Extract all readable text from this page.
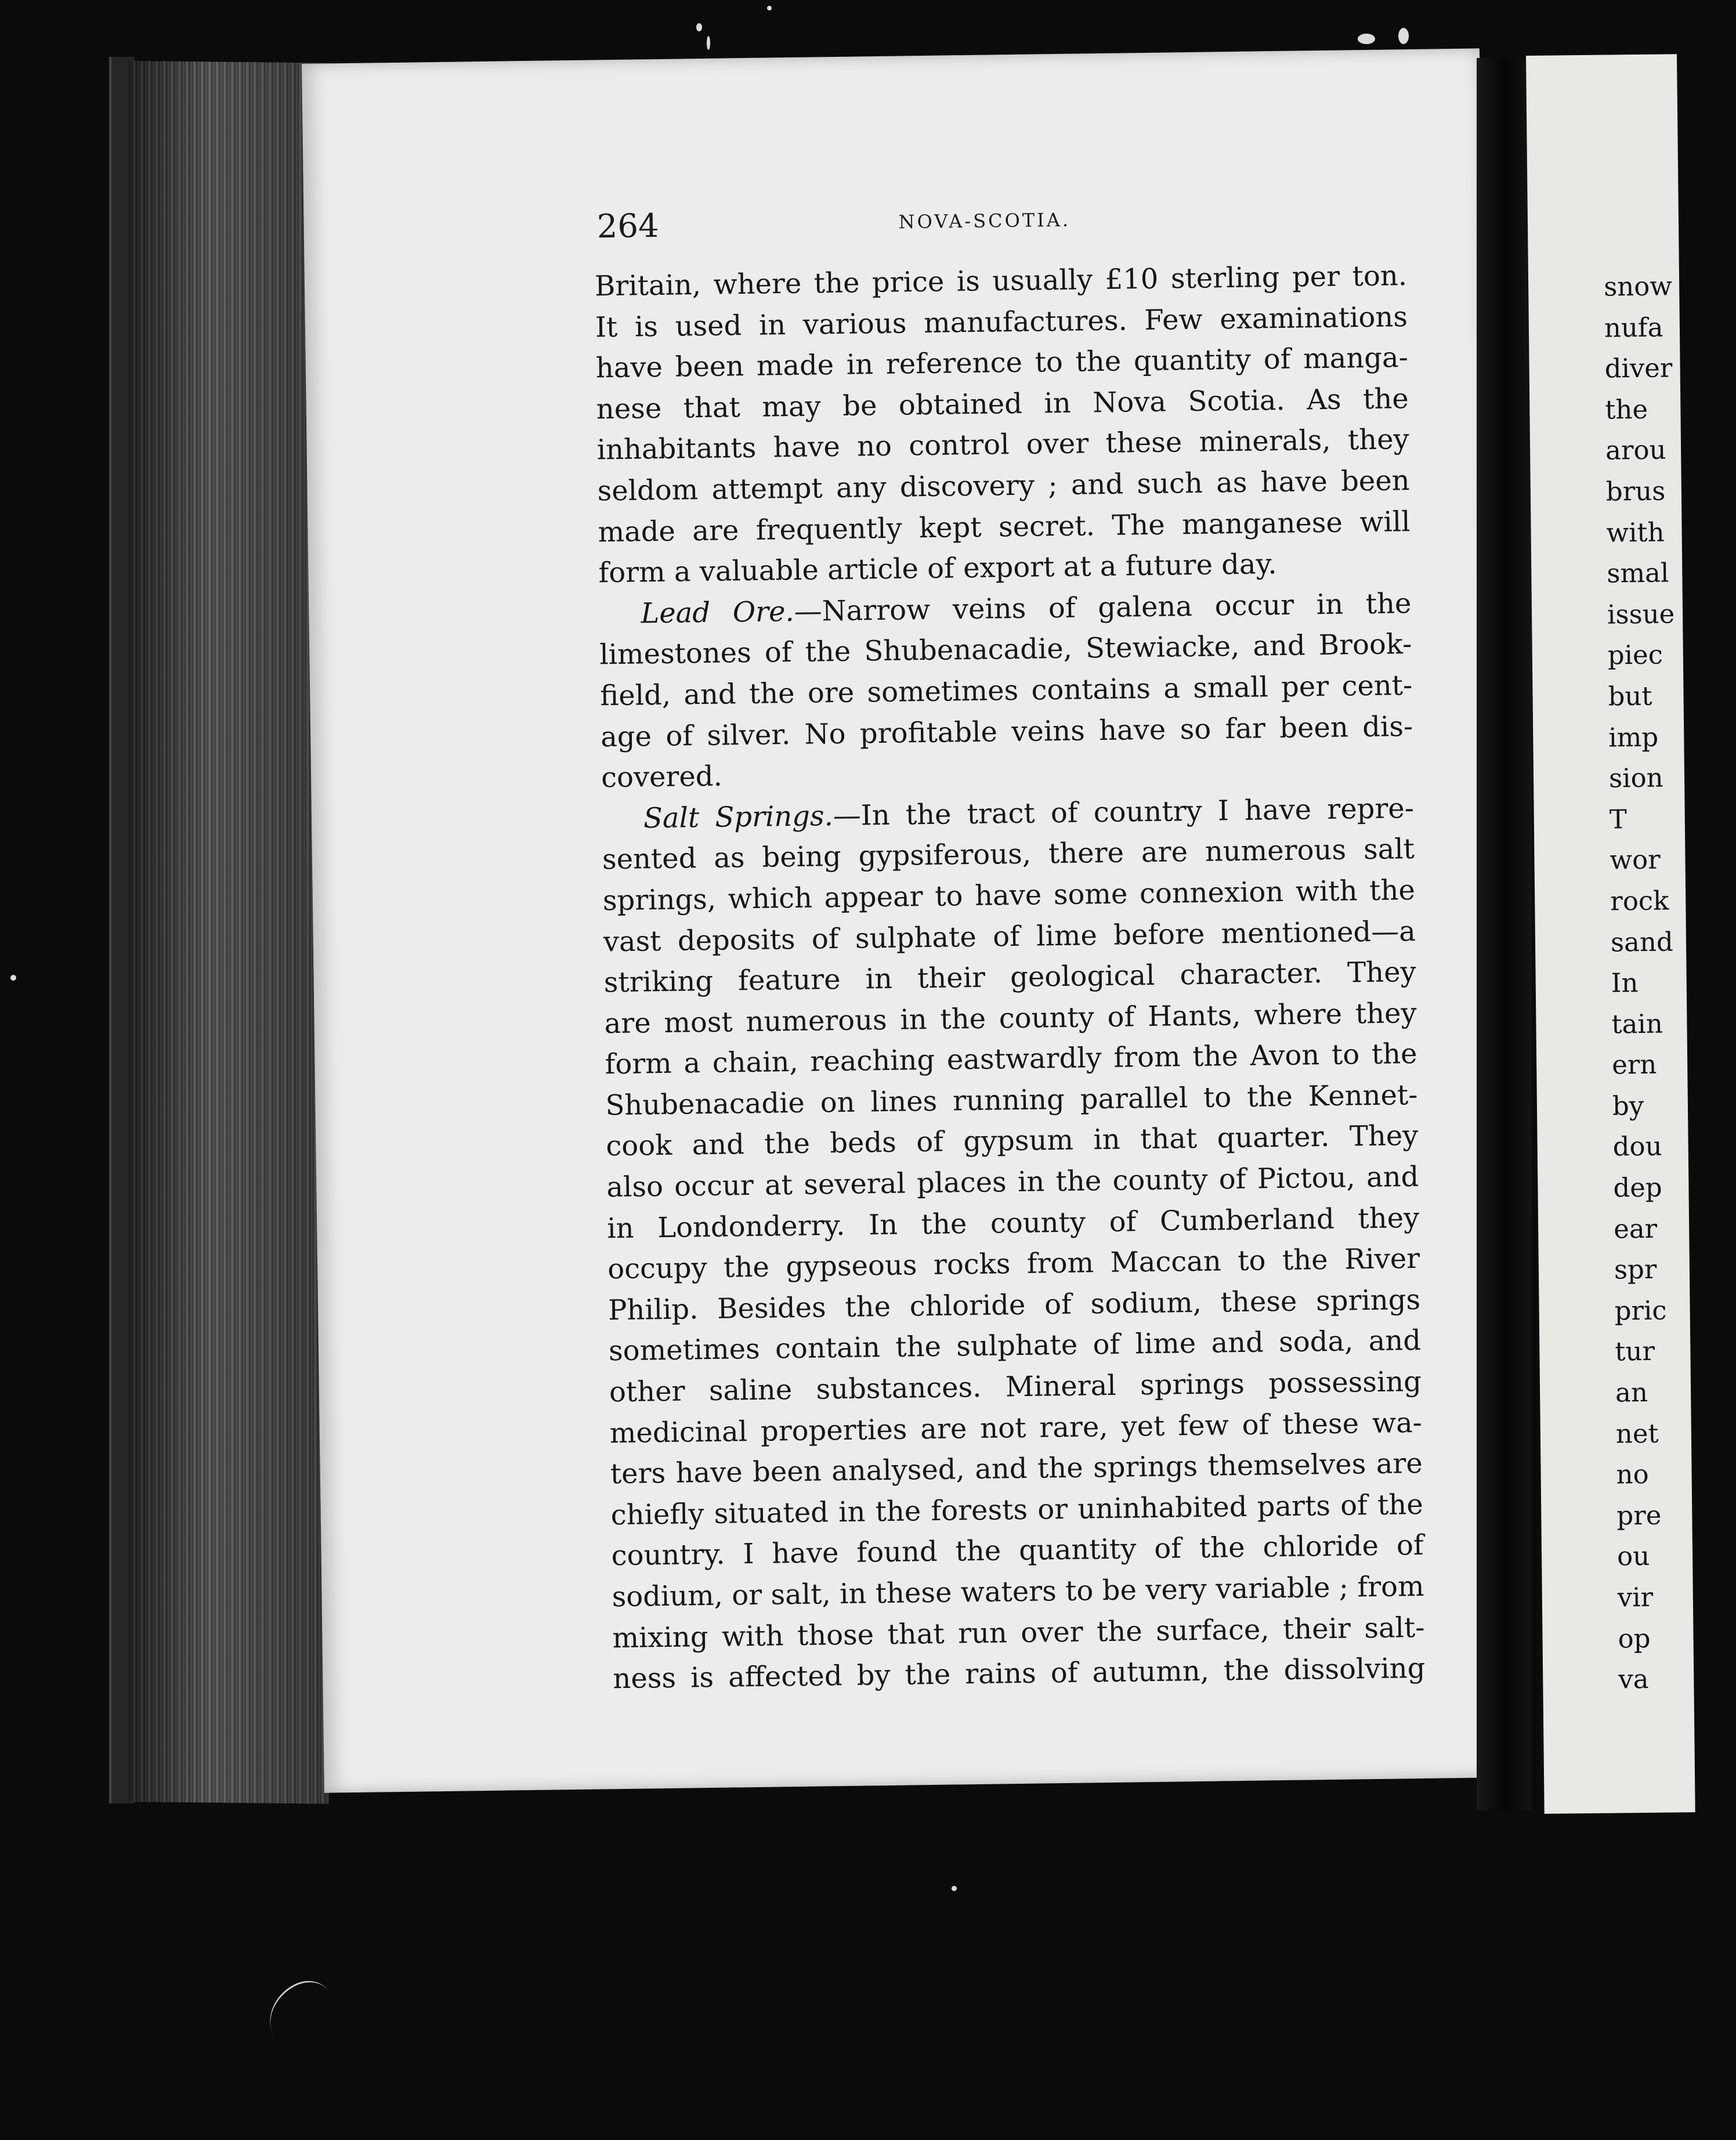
264	NOVA-SCOTIA.
Britain, where the price is usually £10 sterling per ton.
It is used in various manufactures. Few examinations
have been made in reference to the quantity of manga-
nese that may be obtained in Nova Scotia. As the
inhabitants have no control over these minerals, they
seldom attempt any discovery ; and such as have been
made are frequently kept secret. The manganese will
form a valuable article of export at a future day.
Lead Ore.—Narrow veins of galena occur in the
limestones of the Shubenacadie, Stewiacke, and Brook-
field, and the ore sometimes contains a small per cent-
age of silver. No profitable veins have so far been dis-
covered.
Salt Springs.—In the tract of country I have repre-
sented as being gypsiferous, there are numerous salt
springs, which appear to have some connexion with the
vast deposits of sulphate of lime before mentioned—a
striking feature in their geological character. They
are most numerous in the county of Hants, where they
form a chain, reaching eastwardly from the Avon to the
Shubenacadie on lines running parallel to the Kennet-
cook and the beds of gypsum in that quarter. They
also occur at several places in the county of Pictou, and
in Londonderry. In the county of Cumberland they
occupy the gypseous rocks from Maccan to the River
Philip. Besides the chloride of sodium, these springs
sometimes contain the sulphate of lime and soda, and
other saline substances. Mineral springs possessing
medicinal properties are not rare, yet few of these wa-
ters have been analysed, and the springs themselves are
chiefly situated in the forests or uninhabited parts of the
country. I have found the quantity of the chloride of
sodium, or salt, in these waters to be very variable ; from
mixing with those that run over the surface, their salt-
ness is affected by the rains of autumn, the dissolving
snow
nufa
diver
the
arou
brus
with
smal
issue
piec
but
imp
sion
T
wor
rock
sand
In
tain
ern
by
dou
dep
ear
spr
pric
tur
an
net
no
pre
ou
vir
op
va
